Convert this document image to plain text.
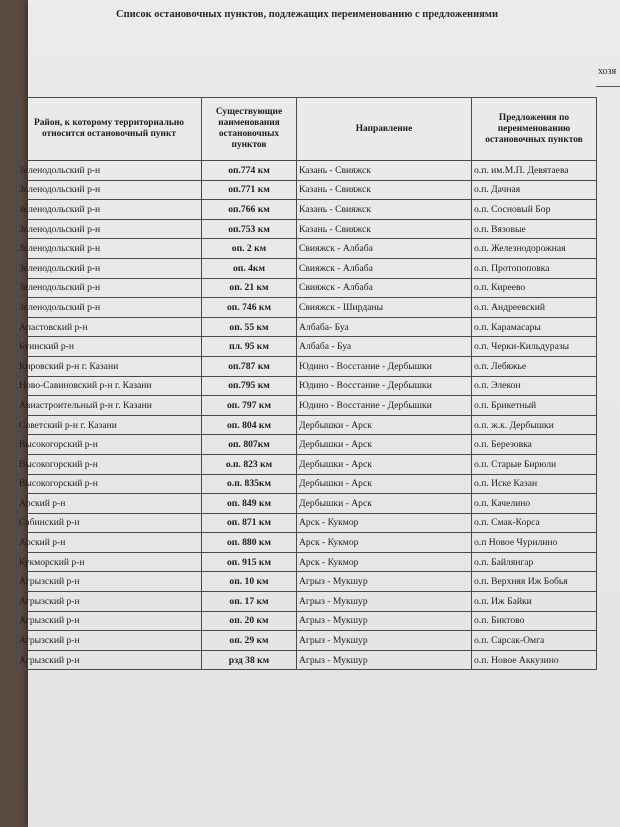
Список остановочных пунктов, подлежащих переименованию с предложениями
хозя
Район, к которому территориально относится остановочный пункт	Существующие наименования остановочных пунктов	Направление	Предложения по переименованию остановочных пунктов
Зеленодольский р-н	оп.774 км	Казань - Свияжск	о.п. им.М.П. Девятаева
Зеленодольский р-н	оп.771 км	Казань - Свияжск	о.п. Дачная
Зеленодольский р-н	оп.766 км	Казань - Свияжск	о.п. Сосновый Бор
Зеленодольский р-н	оп.753 км	Казань - Свияжск	о.п. Вязовые
Зеленодольский р-н	оп. 2 км	Свияжск - Албаба	о.п. Железнодорожная
Зеленодольский р-н	оп. 4км	Свияжск - Албаба	о.п. Протопоповка
Зеленодольский р-н	оп. 21 км	Свияжск - Албаба	о.п. Киреево
Зеленодольский р-н	оп. 746 км	Свияжск - Ширданы	о.п. Андреевский
Апастовский р-н	оп. 55 км	Албаба- Буа	о.п. Карамасары
Буинский р-н	пл. 95 км	Албаба - Буа	о.п. Черки-Кильдуразы
Кировский р-н г. Казани	оп.787 км	Юдино - Восстание - Дербышки	о.п. Лебяжье
Ново-Савиновский р-н г. Казани	оп.795 км	Юдино - Восстание - Дербышки	о.п. Элекон
Авиастроительный р-н г. Казани	оп. 797 км	Юдино - Восстание - Дербышки	о.п. Брикетный
Советский р-н г. Казани	оп. 804 км	Дербышки - Арск	о.п. ж.к. Дербышки
Высокогорский р-н	оп. 807км	Дербышки - Арск	о.п. Березовка
Высокогорский р-н	о.п. 823 км	Дербышки - Арск	о.п. Старые Бирюли
Высокогорский р-н	о.п. 835км	Дербышки - Арск	о.п. Иске Казан
Арский р-н	оп. 849 км	Дербышки - Арск	о.п. Качелино
Сабинский р-н	оп. 871 км	Арск - Кукмор	о.п. Смак-Корса
Арский р-н	оп. 880 км	Арск - Кукмор	о.п Новое Чурилино
Кукморский р-н	оп. 915 км	Арск - Кукмор	о.п. Байлянгар
Агрызский р-н	оп. 10 км	Агрыз - Мукшур	о.п. Верхняя Иж Бобья
Агрызский р-н	оп. 17 км	Агрыз - Мукшур	о.п. Иж Байки
Агрызский р-н	оп. 20 км	Агрыз - Мукшур	о.п. Биктово
Агрызский р-н	оп. 29 км	Агрыз - Мукшур	о.п. Сарсак-Омга
Агрызский р-н	рзд 38 км	Агрыз - Мукшур	о.п. Новое Аккузино
